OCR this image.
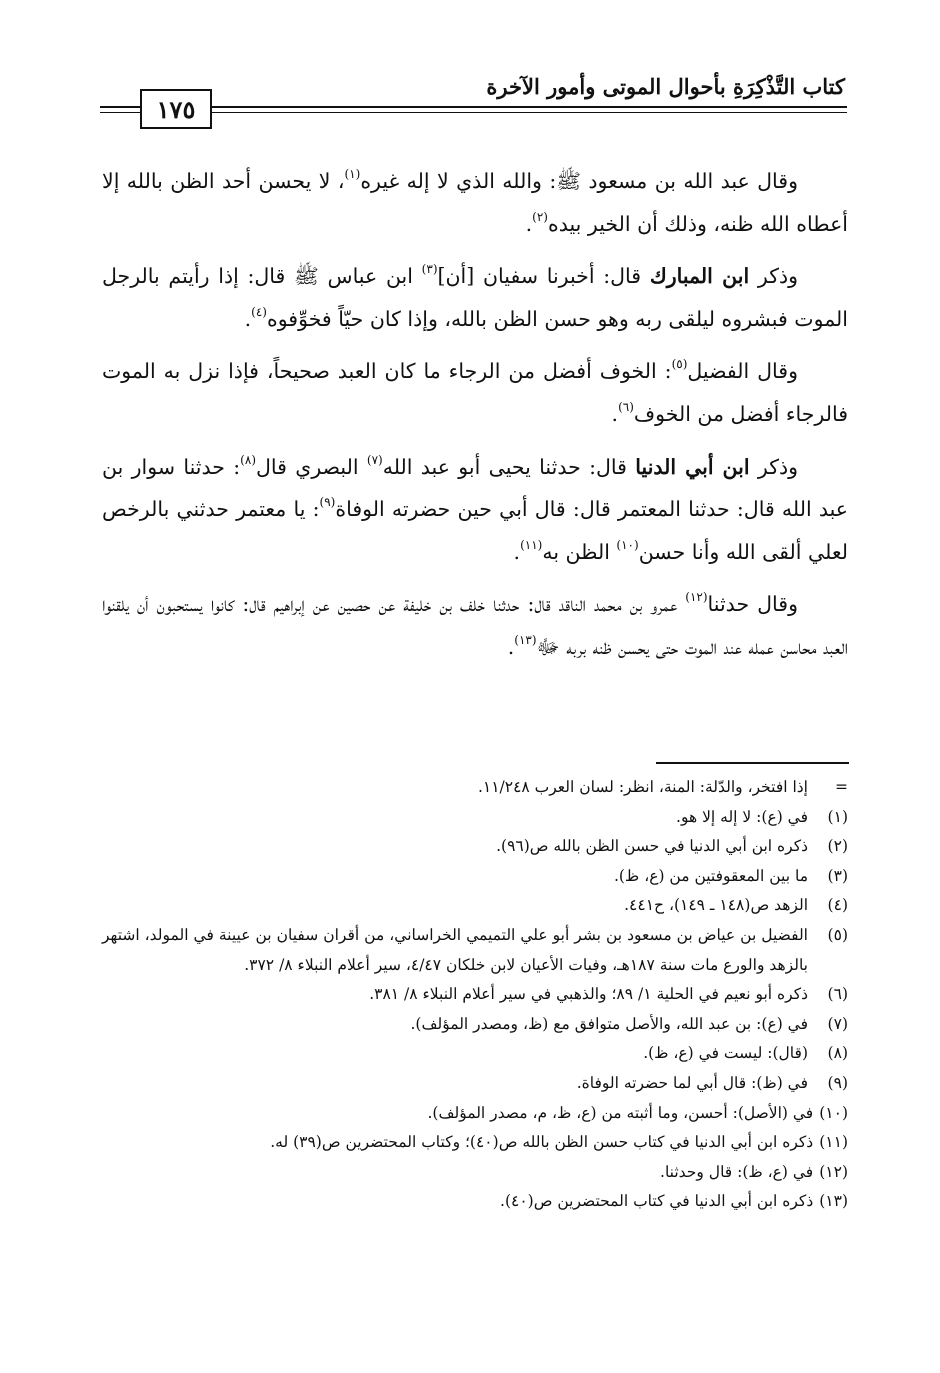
كتاب التَّذْكِرَةِ بأحوال الموتى وأمور الآخرة
١٧٥

وقال عبد الله بن مسعود ﷺ: والله الذي لا إله غيره$^{(١)}$، لا يحسن أحد الظن بالله إلا أعطاه الله ظنه، وذلك أن الخير بيده$^{(٢)}$.

وذكر ابن المبارك قال: أخبرنا سفيان [أن]$^{(٣)}$ ابن عباس ﷺ قال: إذا رأيتم بالرجل الموت فبشروه ليلقى ربه وهو حسن الظن بالله، وإذا كان حيّاً فخوِّفوه$^{(٤)}$.

وقال الفضيل$^{(٥)}$: الخوف أفضل من الرجاء ما كان العبد صحيحاً، فإذا نزل به الموت فالرجاء أفضل من الخوف$^{(٦)}$.

وذكر ابن أبي الدنيا قال: حدثنا يحيى أبو عبد الله$^{(٧)}$ البصري قال$^{(٨)}$: حدثنا سوار بن عبد الله قال: حدثنا المعتمر قال: قال أبي حين حضرته الوفاة$^{(٩)}$: يا معتمر حدثني بالرخص لعلي ألقى الله وأنا حسن$^{(١٠)}$ الظن به$^{(١١)}$.

وقال حدثنا$^{(١٢)}$ عمرو بن محمد الناقد قال: حدثنا خلف بن خليفة عن حصين عن إبراهيم قال: كانوا يستحبون أن يلقنوا العبد محاسن عمله عند الموت حتى يحسن ظنه بربه ﷻ$^{(١٣)}$.

=
إذا افتخر، والدّلة: المنة، انظر: لسان العرب ١١/٢٤٨.
(١)
في (ع): لا إله إلا هو.
(٢)
ذكره ابن أبي الدنيا في حسن الظن بالله ص(٩٦).
(٣)
ما بين المعقوفتين من (ع، ظ).
(٤)
الزهد ص(١٤٨ ـ ١٤٩)، ح٤٤١.
(٥)
الفضيل بن عياض بن مسعود بن بشر أبو علي التميمي الخراساني، من أقران سفيان بن عيينة في المولد، اشتهر بالزهد والورع مات سنة ١٨٧هـ، وفيات الأعيان لابن خلكان ٤/٤٧، سير أعلام النبلاء ٨/ ٣٧٢.
(٦)
ذكره أبو نعيم في الحلية ١/ ٨٩؛ والذهبي في سير أعلام النبلاء ٨/ ٣٨١.
(٧)
في (ع): بن عبد الله، والأصل متوافق مع (ظ، ومصدر المؤلف).
(٨)
(قال): ليست في (ع، ظ).
(٩)
في (ظ): قال أبي لما حضرته الوفاة.
(١٠)
في (الأصل): أحسن، وما أثبته من (ع، ظ، م، مصدر المؤلف).
(١١)
ذكره ابن أبي الدنيا في كتاب حسن الظن بالله ص(٤٠)؛ وكتاب المحتضرين ص(٣٩) له.
(١٢)
في (ع، ظ): قال وحدثنا.
(١٣)
ذكره ابن أبي الدنيا في كتاب المحتضرين ص(٤٠).
